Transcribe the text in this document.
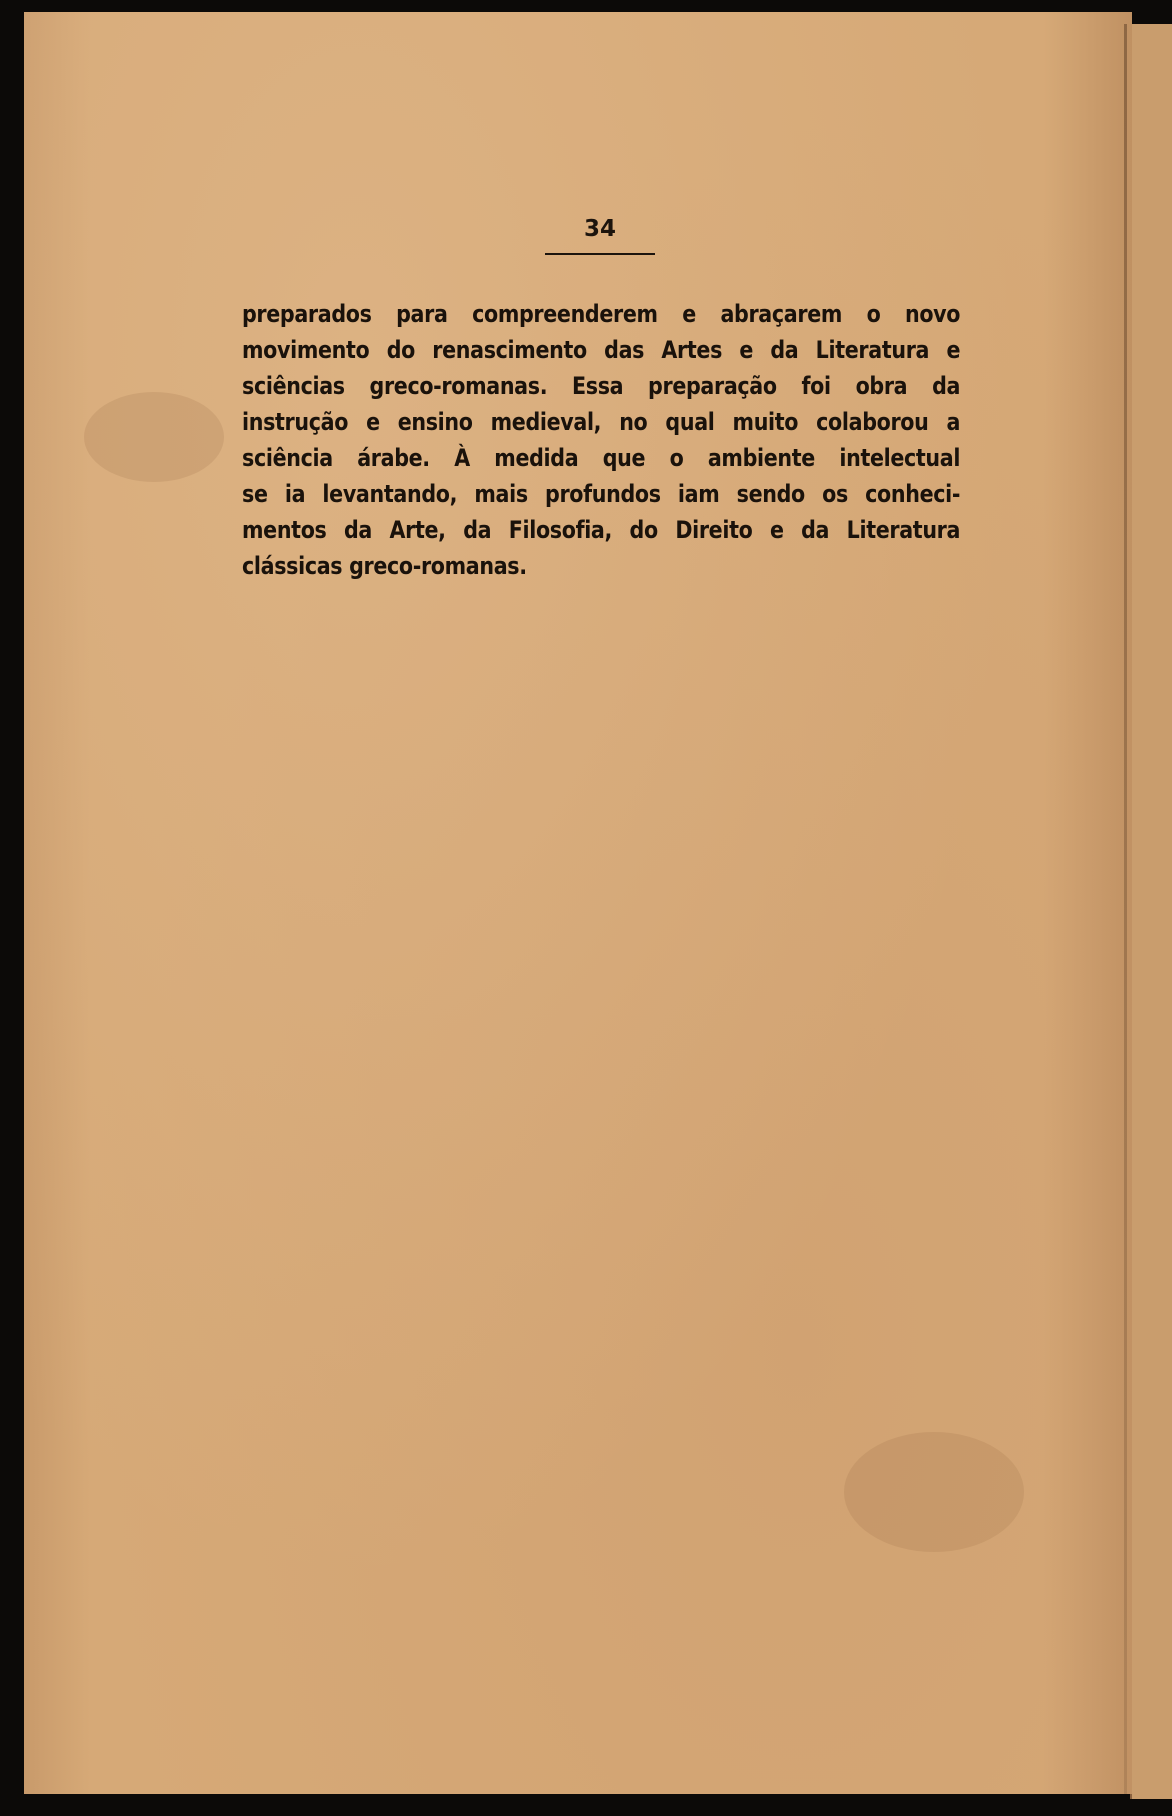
34
preparados para compreenderem e abraçarem o novo
movimento do renascimento das Artes e da Literatura e
sciências greco-romanas. Essa preparação foi obra da
instrução e ensino medieval, no qual muito colaborou a
sciência árabe. À medida que o ambiente intelectual
se ia levantando, mais profundos iam sendo os conheci-
mentos da Arte, da Filosofia, do Direito e da Literatura
clássicas greco-romanas.
